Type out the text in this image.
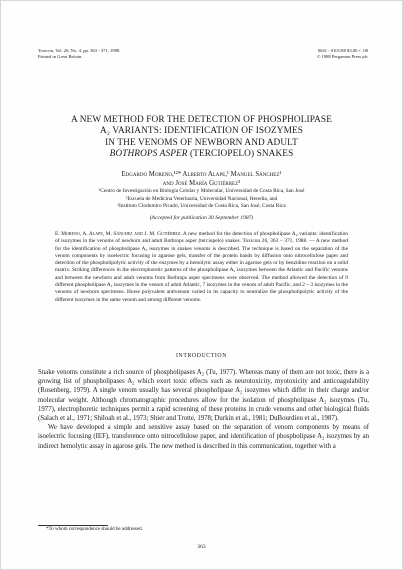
Toxicon, Vol. 26, No. 4, pp. 363 - 371, 1988.
Printed in Great Britain.
0041 - 0101/88 $3.00 + .00
© 1988 Pergamon Press plc
A NEW METHOD FOR THE DETECTION OF PHOSPHOLIPASE
A₂ VARIANTS: IDENTIFICATION OF ISOZYMES
IN THE VENOMS OF NEWBORN AND ADULT
BOTHROPS ASPER (TERCIOPELO) SNAKES
Edgardo Moreno,¹²* Alberto Alape,¹ Manuel Sánchez¹
and José María Gutiérrez³
¹Centro de Investigación en Biología Celular y Molecular, Universidad de Costa Rica, San José
²Escuela de Medicina Veterinaria, Universidad Nacional, Heredia, and
³Instituto Clodomiro Picado, Universidad de Costa Rica, San José, Costa Rica
(Accepted for publication 30 September 1987)
E. Moreno, A. Alape, M. Sánchez and J. M. Gutiérrez. A new method for the detection of phospholipase A₂ variants: identification of isozymes in the venoms of newborn and adult Bothrops asper (terciopelo) snakes. Toxicon 26, 363 – 371, 1988. — A new method for the identification of phospholipase A₂ isozymes in snakes venoms is described. The technique is based on the separation of the venom components by isoelectric focusing in agarose gels, transfer of the protein bands by diffusion onto nitrocellulose paper and detection of the phospholipolytic activity of the enzymes by a hemolytic assay either in agarose gels or by benzidine reaction on a solid matrix. Striking differences in the electrophoretic patterns of the phospholipase A₂ isozymes between the Atlantic and Pacific venoms and between the newborn and adult venoms from Bothrops asper specimens were observed. The method allowed the detection of 9 different phospholipase A₂ isozymes in the venom of adult Atlantic, 7 isozymes in the venom of adult Pacific, and 2 – 3 isozymes in the venoms of newborn specimens. Horse polyvalent antivenom varied in its capacity to neutralize the phospholipolytic activity of the different isozymes in the same venom and among different venoms.
INTRODUCTION

Snake venoms constitute a rich source of phospholipases A₂ (Tu, 1977). Whereas many of them are not toxic, there is a growing list of phospholipases A₂ which exert toxic effects such as neurotoxicity, myotoxicity and anticoagulability (Rosenberg, 1979). A single venom usually has several phospholipase A₂ isozymes which differ in their charge and/or molecular weight. Although chromatographic procedures allow for the isolation of phospholipase A₂ isozymes (Tu, 1977), electrophoretic techniques permit a rapid screening of these proteins in crude venoms and other biological fluids (Salach et al., 1971; Shiloah et al., 1973; Shier and Trotte, 1978; Durkin et al., 1981; DuBourdieu et al., 1987).

We have developed a simple and sensitive assay based on the separation of venom components by means of isoelectric focusing (IEF), transference onto nitrocellulose paper, and identification of phospholipase A₂ isozymes by an indirect hemolytic assay in agarose gels. The new method is described in this communication, together with a

*To whom correspondence should be addressed.
363
